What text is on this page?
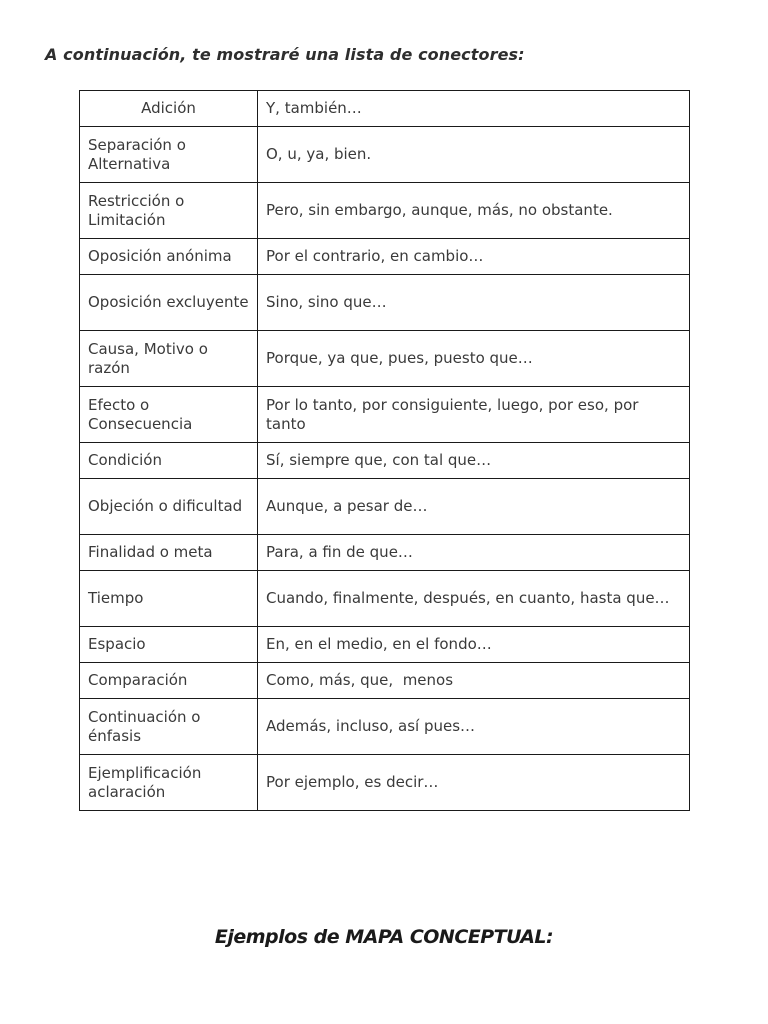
A continuación, te mostraré una lista de conectores:

Adición	Y, también…
Separación o Alternativa	O, u, ya, bien.
Restricción o Limitación	Pero, sin embargo, aunque, más, no obstante.
Oposición anónima	Por el contrario, en cambio…
Oposición excluyente	Sino, sino que…
Causa, Motivo o razón	Porque, ya que, pues, puesto que…
Efecto o Consecuencia	Por lo tanto, por consiguiente, luego, por eso, por tanto
Condición	Sí, siempre que, con tal que…
Objeción o dificultad	Aunque, a pesar de…
Finalidad o meta	Para, a fin de que…
Tiempo	Cuando, finalmente, después, en cuanto, hasta que…
Espacio	En, en el medio, en el fondo…
Comparación	Como, más, que,  menos
Continuación o énfasis	Además, incluso, así pues…
Ejemplificación aclaración	Por ejemplo, es decir…

Ejemplos de MAPA CONCEPTUAL:
